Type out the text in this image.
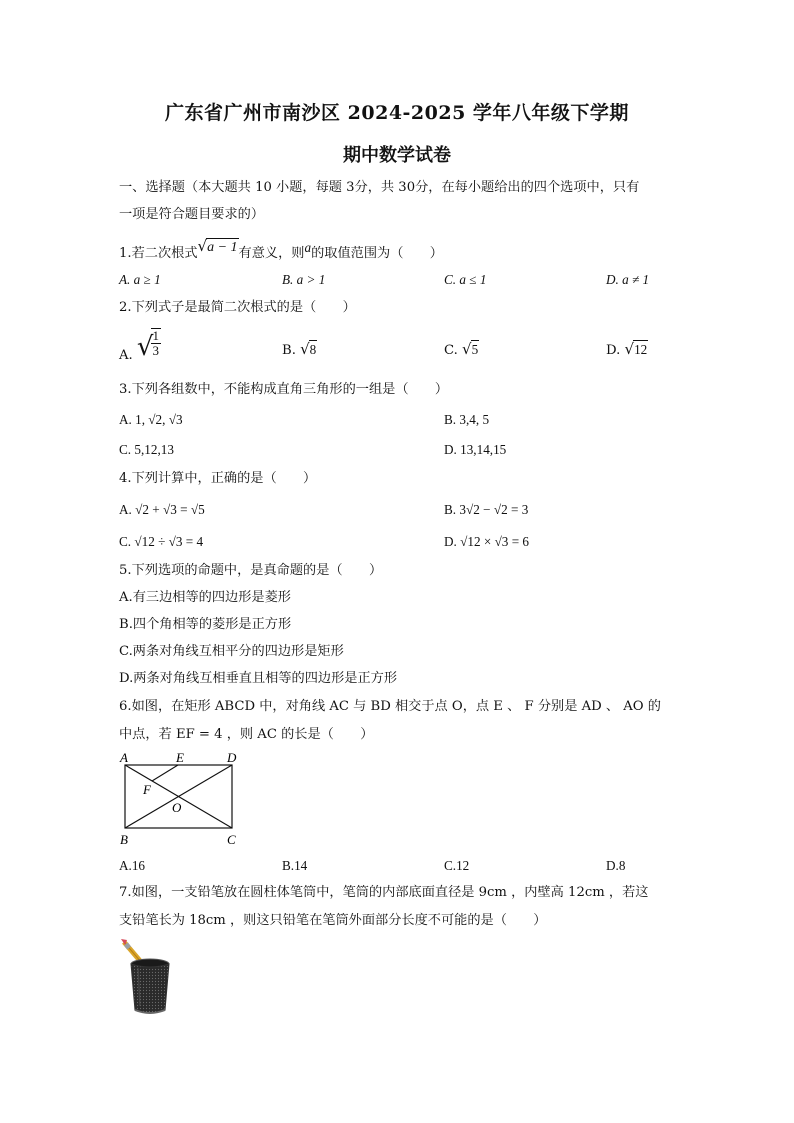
广东省广州市南沙区 2024-2025 学年八年级下学期
期中数学试卷
一、选择题（本大题共 10 小题，每题 3分，共 30分，在每小题给出的四个选项中，只有
一项是符合题目要求的）
1.若二次根式√a − 1有意义，则a的取值范围为（　　）
A. a ≥ 1	B. a > 1	C. a ≤ 1	D. a ≠ 1
2.下列式子是最简二次根式的是（　　）
A. √
$\frac{1}{3}$	B. √8	C. √5	D. √12
3.下列各组数中，不能构成直角三角形的一组是（　　）
A. 1, √2, √3	B. 3,4, 5
C. 5,12,13	D. 13,14,15
4.下列计算中，正确的是（　　）
A. √2 + √3 = √5	B. 3√2 − √2 = 3
C. √12 ÷ √3 = 4	D. √12 × √3 = 6
5.下列选项的命题中，是真命题的是（　　）
A.有三边相等的四边形是菱形
B.四个角相等的菱形是正方形
C.两条对角线互相平分的四边形是矩形
D.两条对角线互相垂直且相等的四边形是正方形
6.如图，在矩形 ABCD 中，对角线 AC 与 BD 相交于点 O，点 E 、 F 分别是 AD 、 AO 的
中点，若 EF = 4 ，则 AC 的长是（　　）
A	E	D
F
O
B	C
A.16	B.14	C.12	D.8
7.如图，一支铅笔放在圆柱体笔筒中，笔筒的内部底面直径是 9cm ，内壁高 12cm ，若这
支铅笔长为 18cm ，则这只铅笔在笔筒外面部分长度不可能的是（　　）
